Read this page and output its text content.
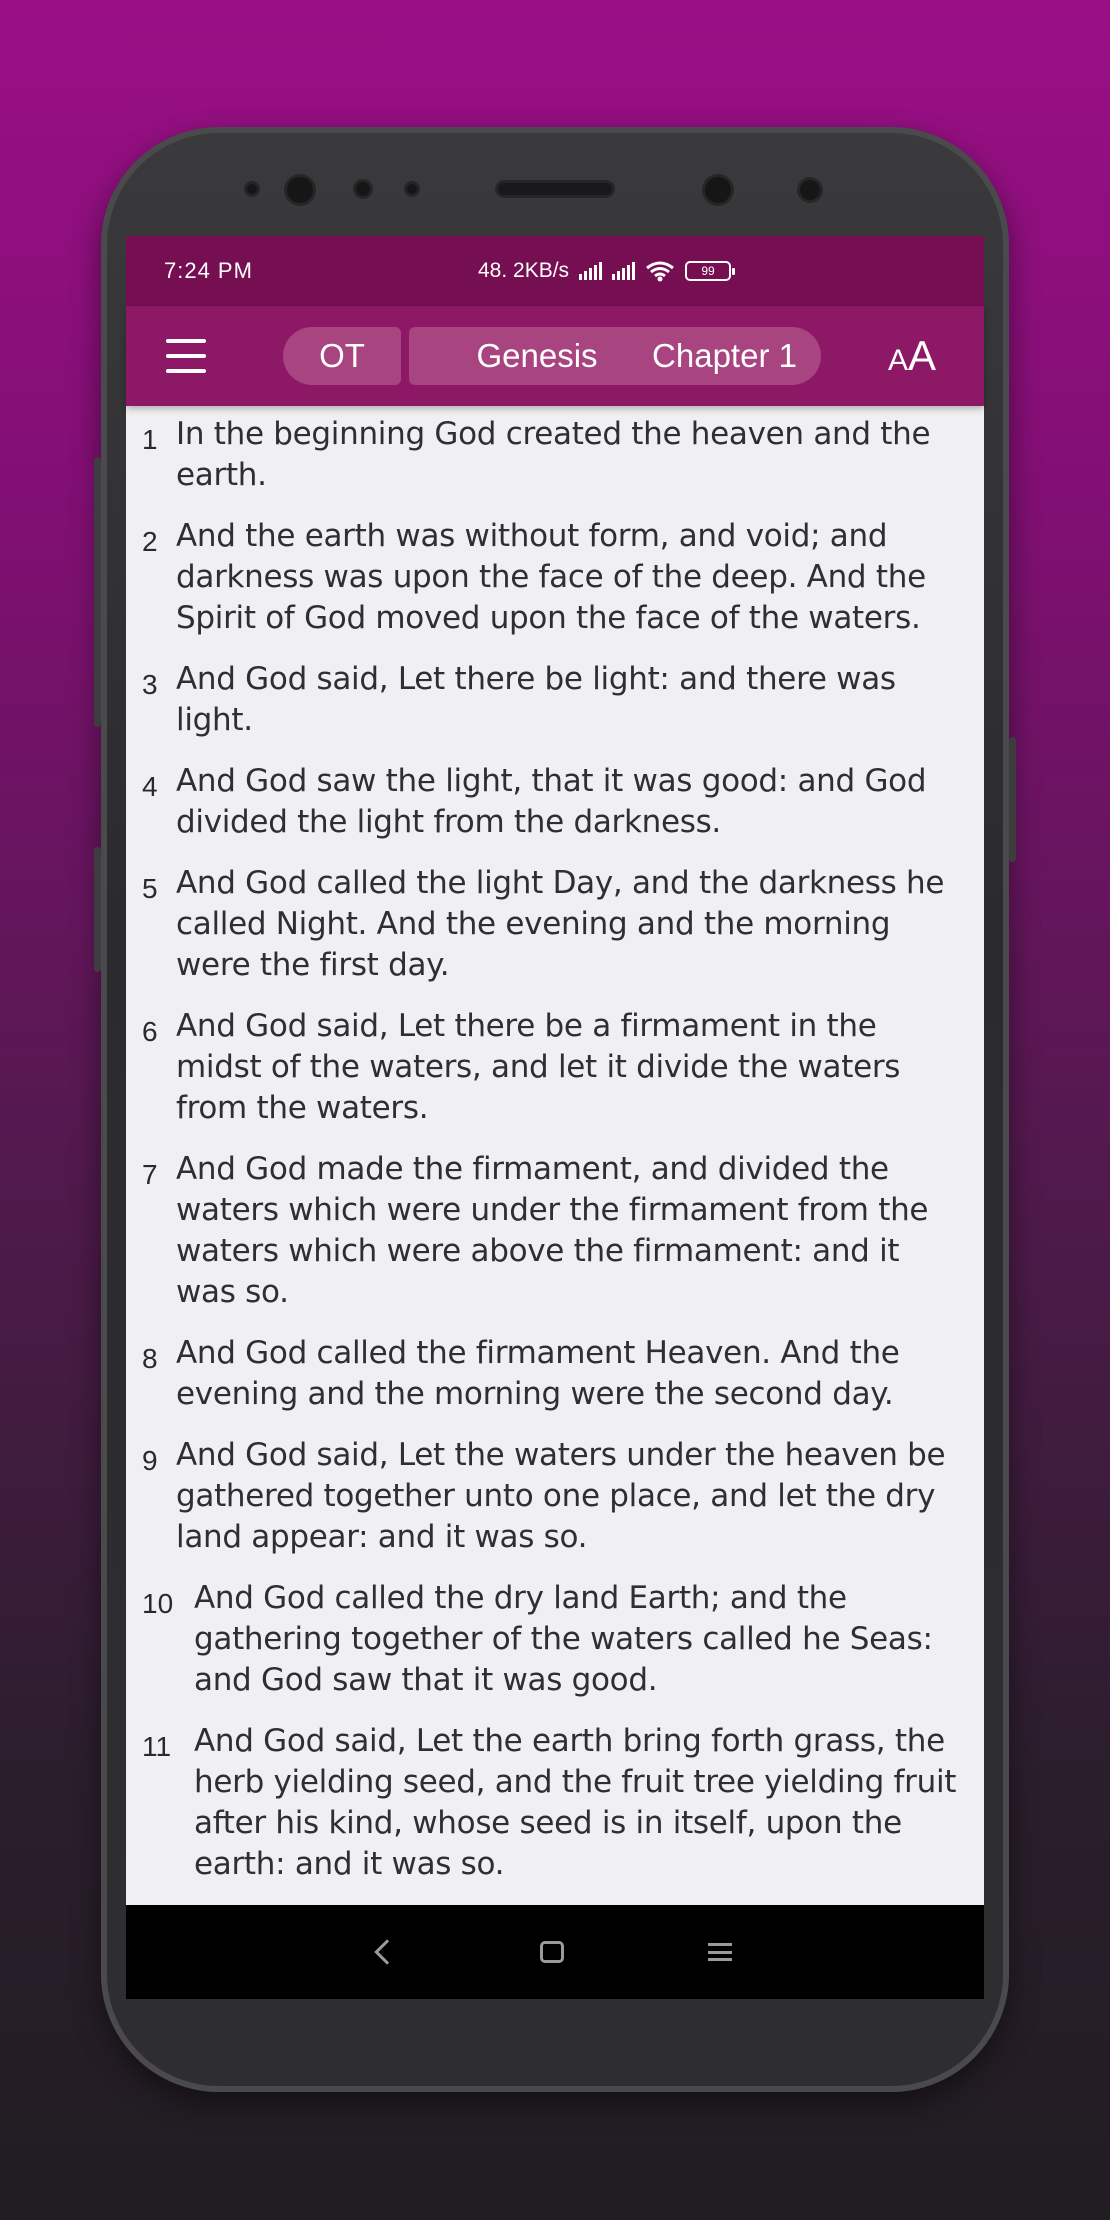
7:24 PM	48. 2KB/s	99
OT	Genesis	Chapter 1	AA
1 In the beginning God created the heaven and the earth.
2 And the earth was without form, and void; and darkness was upon the face of the deep. And the Spirit of God moved upon the face of the waters.
3 And God said, Let there be light: and there was light.
4 And God saw the light, that it was good: and God divided the light from the darkness.
5 And God called the light Day, and the darkness he called Night. And the evening and the morning were the first day.
6 And God said, Let there be a firmament in the midst of the waters, and let it divide the waters from the waters.
7 And God made the firmament, and divided the waters which were under the firmament from the waters which were above the firmament: and it was so.
8 And God called the firmament Heaven. And the evening and the morning were the second day.
9 And God said, Let the waters under the heaven be gathered together unto one place, and let the dry land appear: and it was so.
10 And God called the dry land Earth; and the gathering together of the waters called he Seas: and God saw that it was good.
11 And God said, Let the earth bring forth grass, the herb yielding seed, and the fruit tree yielding fruit after his kind, whose seed is in itself, upon the earth: and it was so.
